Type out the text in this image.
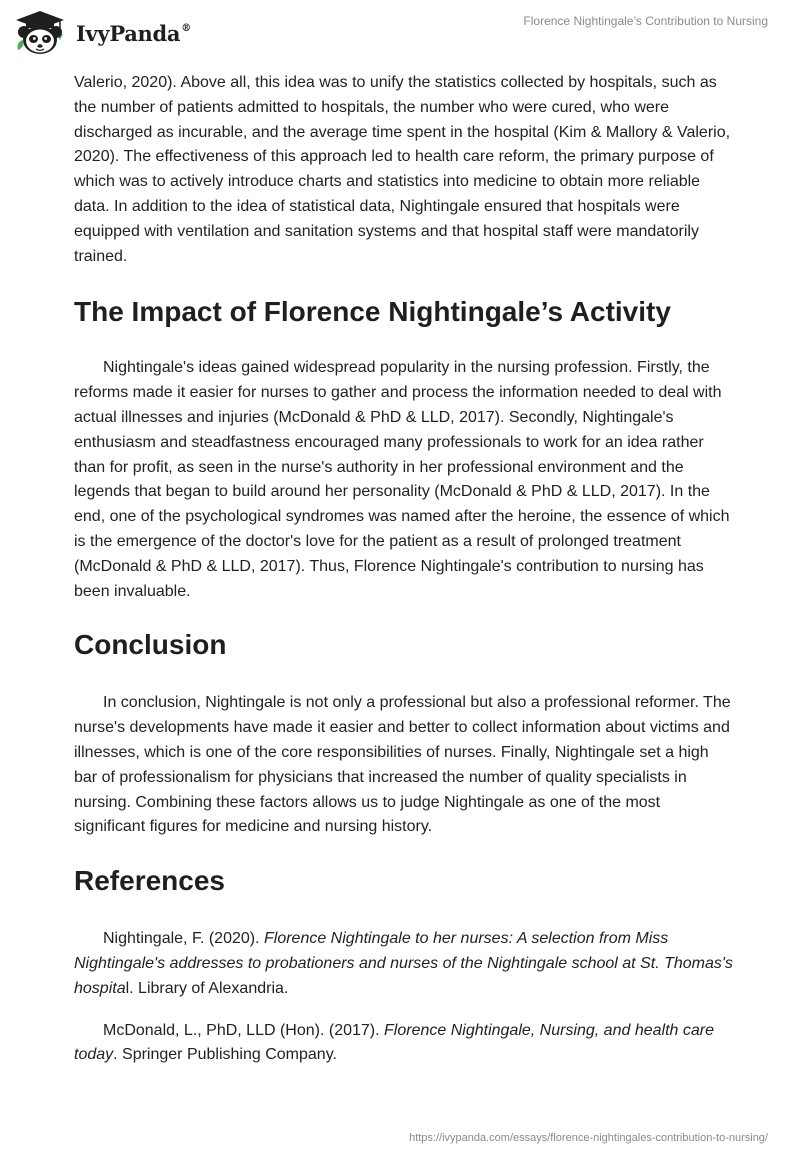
IvyPanda®	Florence Nightingale’s Contribution to Nursing

Valerio, 2020). Above all, this idea was to unify the statistics collected by hospitals, such as the number of patients admitted to hospitals, the number who were cured, who were discharged as incurable, and the average time spent in the hospital (Kim & Mallory & Valerio, 2020). The effectiveness of this approach led to health care reform, the primary purpose of which was to actively introduce charts and statistics into medicine to obtain more reliable data. In addition to the idea of statistical data, Nightingale ensured that hospitals were equipped with ventilation and sanitation systems and that hospital staff were mandatorily trained.

The Impact of Florence Nightingale’s Activity

Nightingale's ideas gained widespread popularity in the nursing profession. Firstly, the reforms made it easier for nurses to gather and process the information needed to deal with actual illnesses and injuries (McDonald & PhD & LLD, 2017). Secondly, Nightingale's enthusiasm and steadfastness encouraged many professionals to work for an idea rather than for profit, as seen in the nurse's authority in her professional environment and the legends that began to build around her personality (McDonald & PhD & LLD, 2017). In the end, one of the psychological syndromes was named after the heroine, the essence of which is the emergence of the doctor's love for the patient as a result of prolonged treatment (McDonald & PhD & LLD, 2017). Thus, Florence Nightingale's contribution to nursing has been invaluable.

Conclusion

In conclusion, Nightingale is not only a professional but also a professional reformer. The nurse's developments have made it easier and better to collect information about victims and illnesses, which is one of the core responsibilities of nurses. Finally, Nightingale set a high bar of professionalism for physicians that increased the number of quality specialists in nursing. Combining these factors allows us to judge Nightingale as one of the most significant figures for medicine and nursing history.

References

Nightingale, F. (2020). Florence Nightingale to her nurses: A selection from Miss Nightingale's addresses to probationers and nurses of the Nightingale school at St. Thomas's hospital. Library of Alexandria.

McDonald, L., PhD, LLD (Hon). (2017). Florence Nightingale, Nursing, and health care today. Springer Publishing Company.

https://ivypanda.com/essays/florence-nightingales-contribution-to-nursing/
